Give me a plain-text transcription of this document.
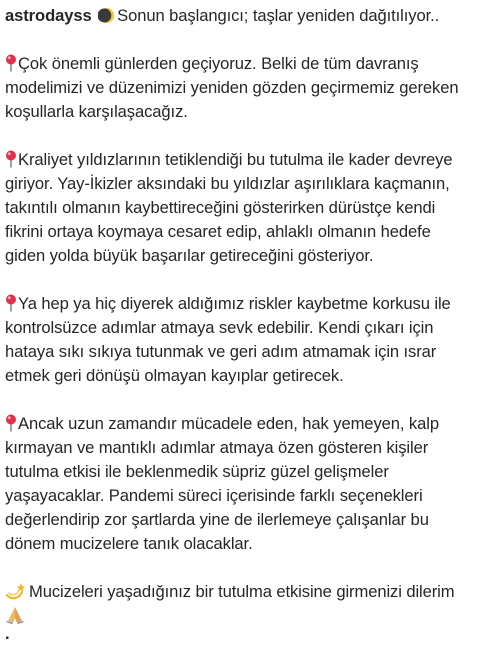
astrodayss Sonun başlangıcı; taşlar yeniden dağıtılıyor..
Çok önemli günlerden geçiyoruz. Belki de tüm davranış
modelimizi ve düzenimizi yeniden gözden geçirmemiz gereken
koşullarla karşılaşacağız.
Kraliyet yıldızlarının tetiklendiği bu tutulma ile kader devreye
giriyor. Yay-İkizler aksındaki bu yıldızlar aşırılıklara kaçmanın,
takıntılı olmanın kaybettireceğini gösterirken dürüstçe kendi
fikrini ortaya koymaya cesaret edip, ahlaklı olmanın hedefe
giden yolda büyük başarılar getireceğini gösteriyor.
Ya hep ya hiç diyerek aldığımız riskler kaybetme korkusu ile
kontrolsüzce adımlar atmaya sevk edebilir. Kendi çıkarı için
hataya sıkı sıkıya tutunmak ve geri adım atmamak için ısrar
etmek geri dönüşü olmayan kayıplar getirecek.
Ancak uzun zamandır mücadele eden, hak yemeyen, kalp
kırmayan ve mantıklı adımlar atmaya özen gösteren kişiler
tutulma etkisi ile beklenmedik süpriz güzel gelişmeler
yaşayacaklar. Pandemi süreci içerisinde farklı seçenekleri
değerlendirip zor şartlarda yine de ilerlemeye çalışanlar bu
dönem mucizelere tanık olacaklar.
Mucizeleri yaşadığınız bir tutulma etkisine girmenizi dilerim
.
